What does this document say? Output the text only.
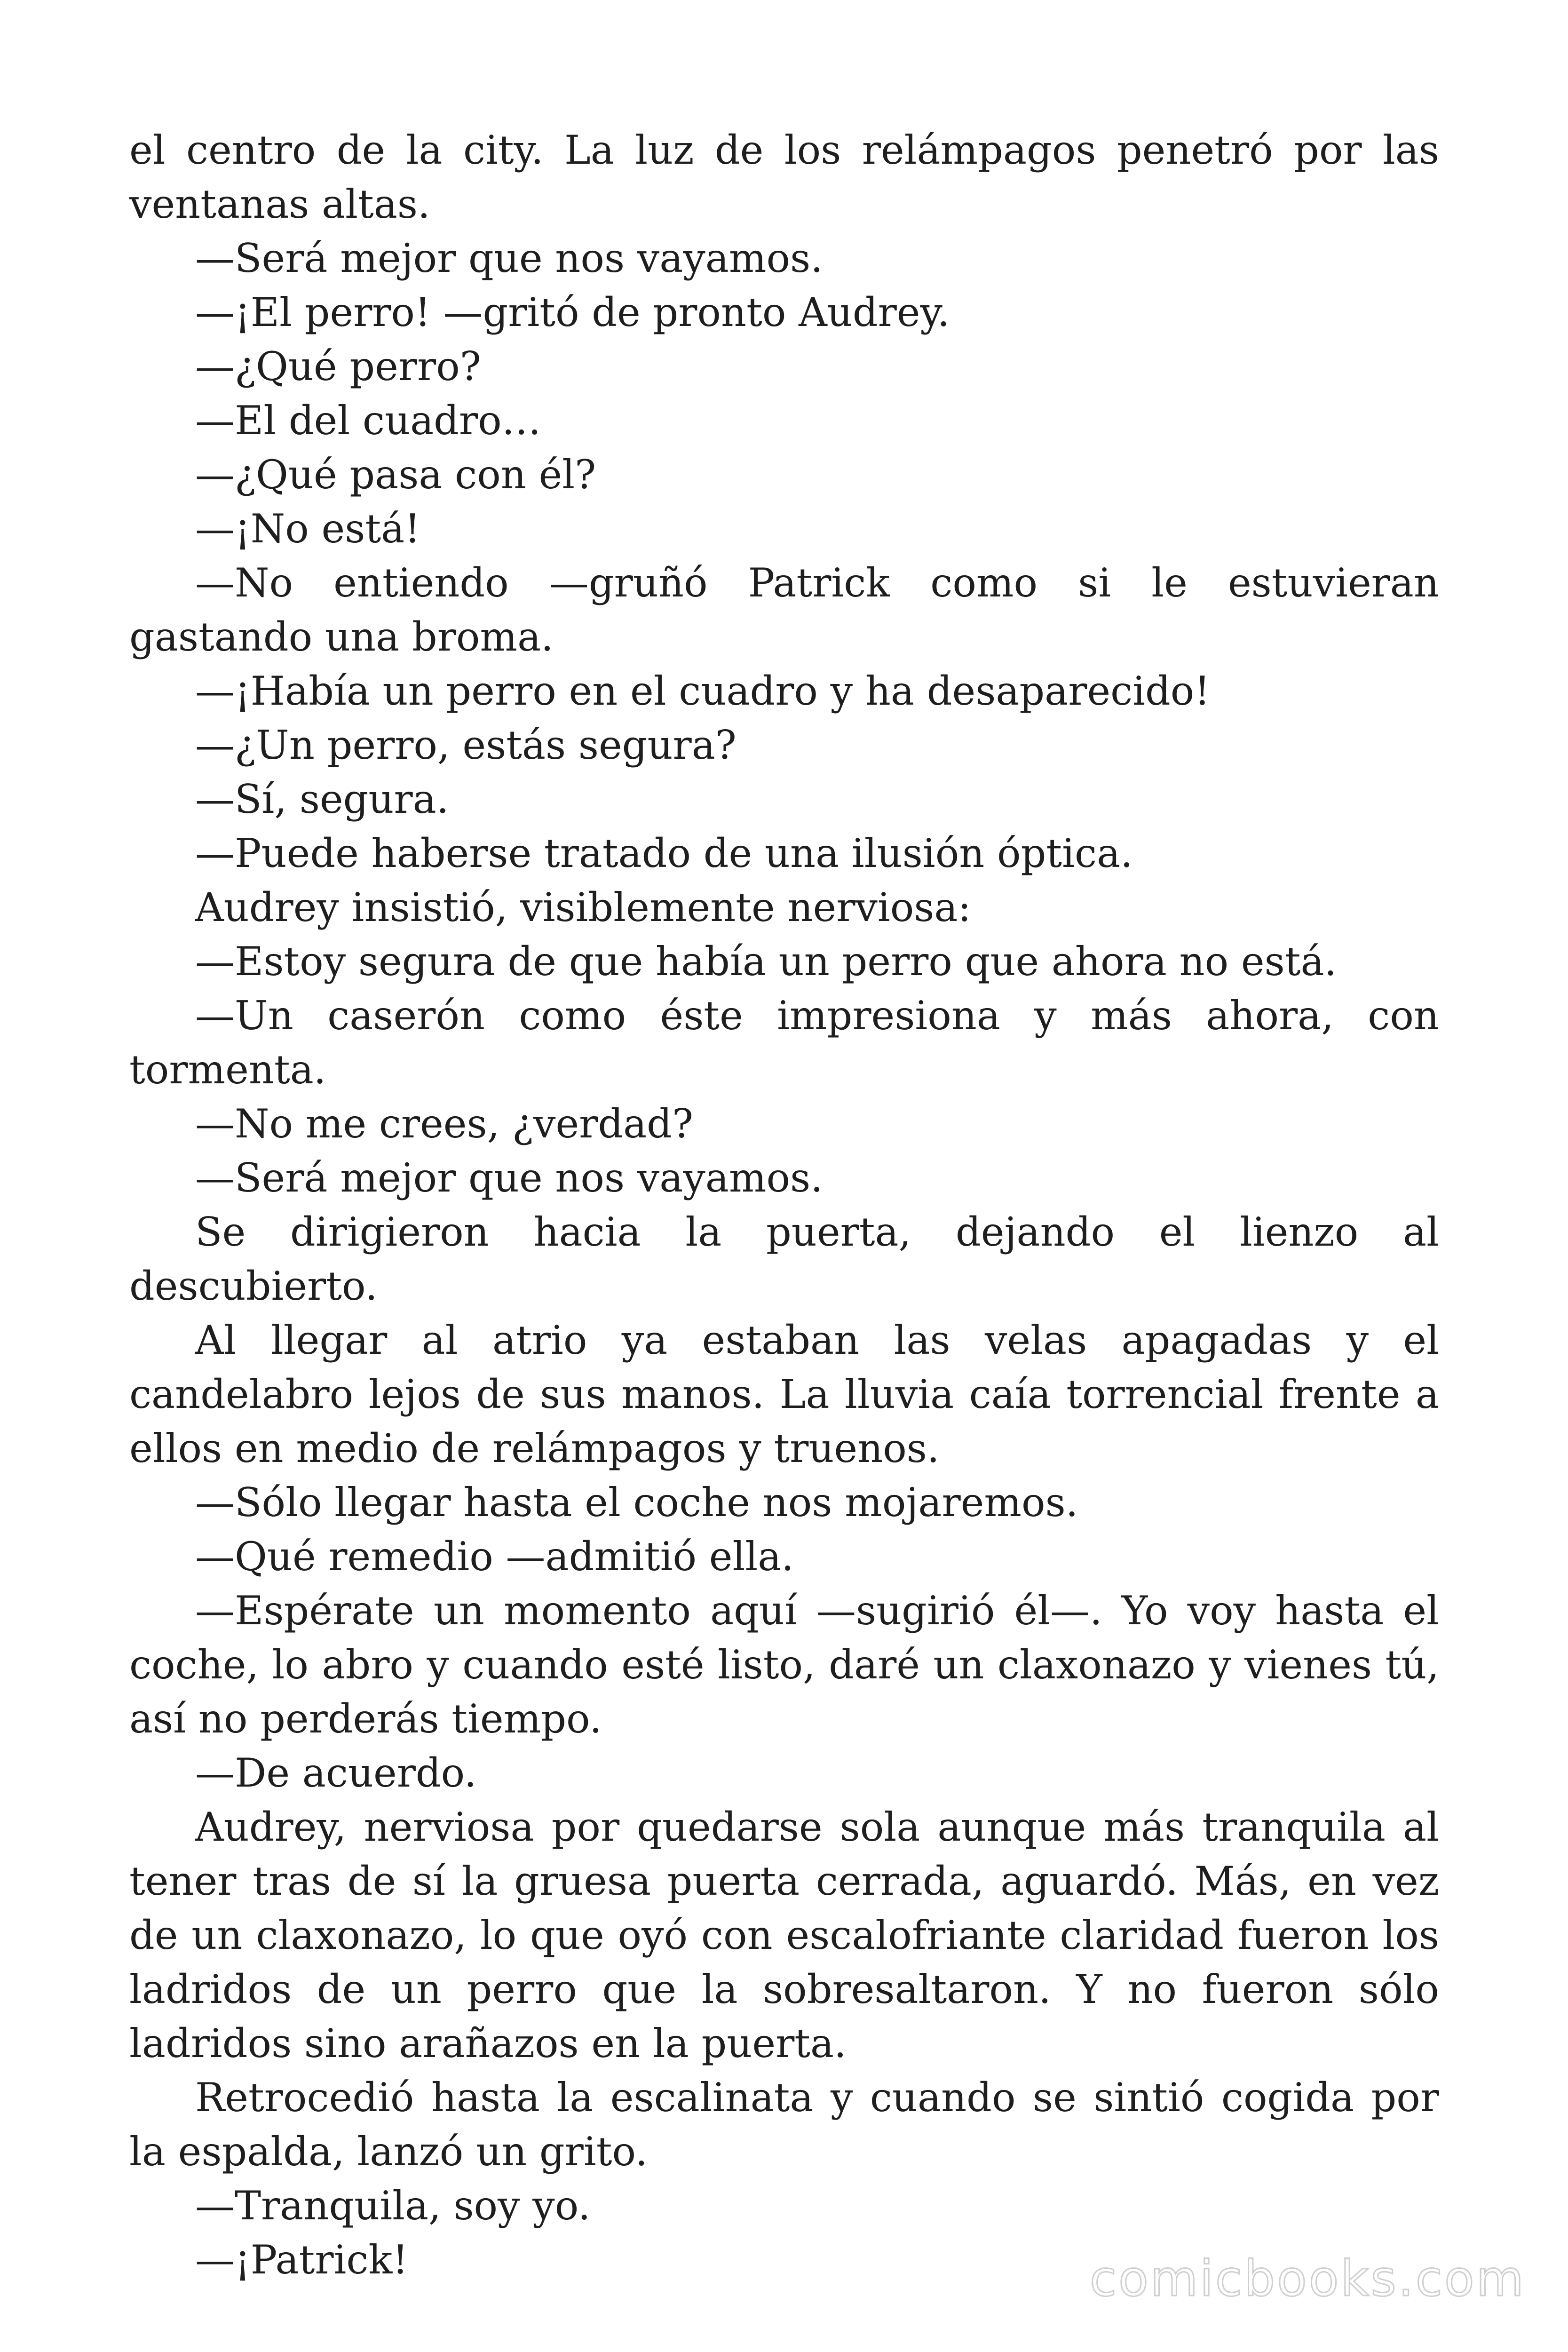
el centro de la city. La luz de los relámpagos penetró por las ventanas altas.

—Será mejor que nos vayamos.

—¡El perro! —gritó de pronto Audrey.

—¿Qué perro?

—El del cuadro…

—¿Qué pasa con él?

—¡No está!

—No entiendo —gruñó Patrick como si le estuvieran gastando una broma.

—¡Había un perro en el cuadro y ha desaparecido!

—¿Un perro, estás segura?

—Sí, segura.

—Puede haberse tratado de una ilusión óptica.

Audrey insistió, visiblemente nerviosa:

—Estoy segura de que había un perro que ahora no está.

—Un caserón como éste impresiona y más ahora, con tormenta.

—No me crees, ¿verdad?

—Será mejor que nos vayamos.

Se dirigieron hacia la puerta, dejando el lienzo al descubierto.

Al llegar al atrio ya estaban las velas apagadas y el candelabro lejos de sus manos. La lluvia caía torrencial frente a ellos en medio de relámpagos y truenos.

—Sólo llegar hasta el coche nos mojaremos.

—Qué remedio —admitió ella.

—Espérate un momento aquí —sugirió él—. Yo voy hasta el coche, lo abro y cuando esté listo, daré un claxonazo y vienes tú, así no perderás tiempo.

—De acuerdo.

Audrey, nerviosa por quedarse sola aunque más tranquila al tener tras de sí la gruesa puerta cerrada, aguardó. Más, en vez de un claxonazo, lo que oyó con escalofriante claridad fueron los ladridos de un perro que la sobresaltaron. Y no fueron sólo ladridos sino arañazos en la puerta.

Retrocedió hasta la escalinata y cuando se sintió cogida por la espalda, lanzó un grito.

—Tranquila, soy yo.

—¡Patrick!	comicbooks.com
